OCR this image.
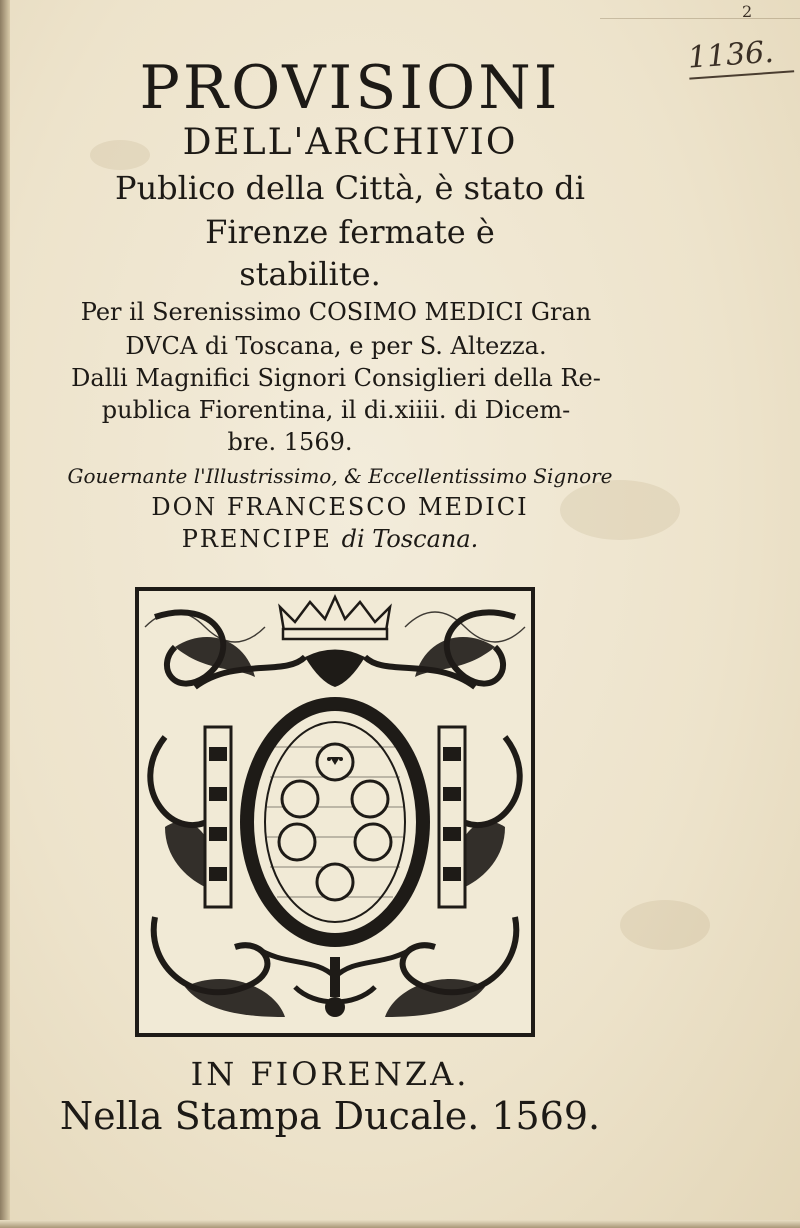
2
1136.
PROVISIONI
DELL'ARCHIVIO
Publico della Città, è stato di
Firenze fermate è
stabilite.
Per il Serenissimo COSIMO MEDICI Gran
DVCA di Toscana, e per S. Altezza.
Dalli Magnifici Signori Consiglieri della Re-
publica Fiorentina, il di.xiiii. di Dicem-
bre. 1569.
Gouernante l'Illustrissimo, & Eccellentissimo Signore
DON FRANCESCO MEDICI
PRENCIPE di Toscana.
IN FIORENZA.
Nella Stampa Ducale. 1569.
